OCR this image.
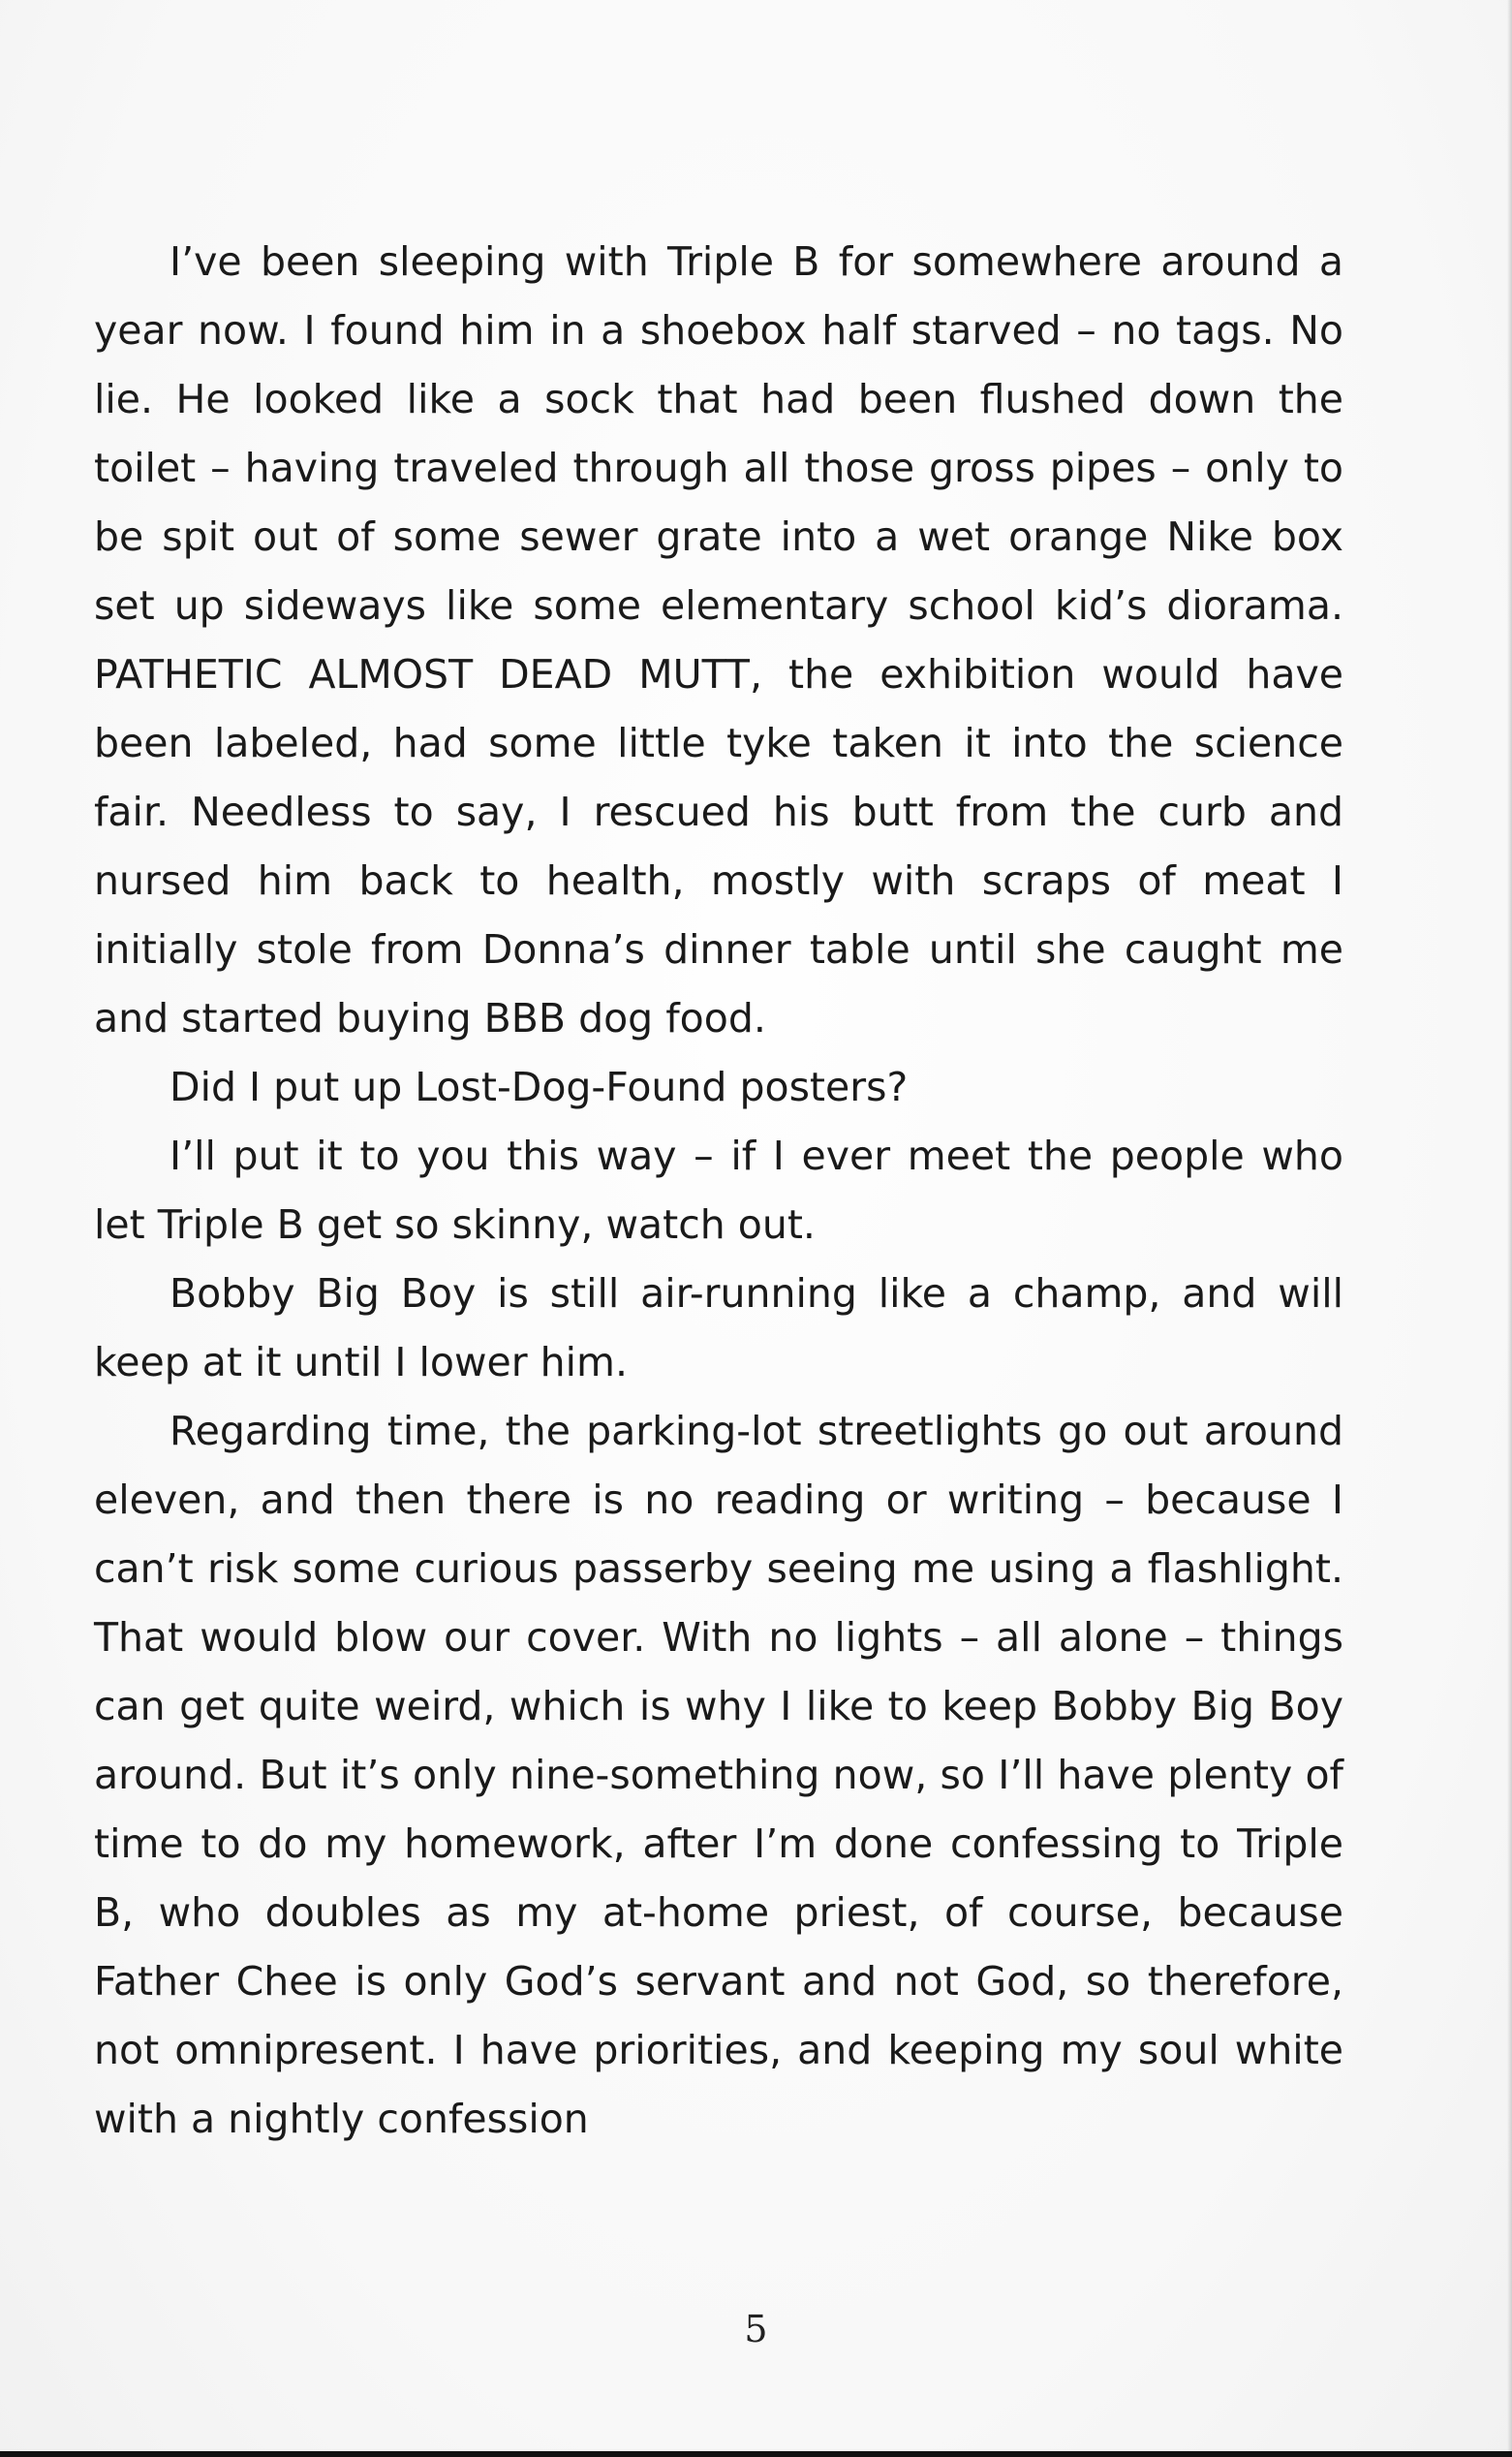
I’ve been sleeping with Triple B for somewhere around a year now. I found him in a shoebox half starved – no tags. No lie. He looked like a sock that had been flushed down the toilet – having traveled through all those gross pipes – only to be spit out of some sewer grate into a wet orange Nike box set up sideways like some elementary school kid’s diorama. PATHETIC ALMOST DEAD MUTT, the exhibition would have been labeled, had some little tyke taken it into the science fair. Needless to say, I rescued his butt from the curb and nursed him back to health, mostly with scraps of meat I initially stole from Donna’s dinner table until she caught me and started buying BBB dog food.

Did I put up Lost-Dog-Found posters?

I’ll put it to you this way – if I ever meet the people who let Triple B get so skinny, watch out.

Bobby Big Boy is still air-running like a champ, and will keep at it until I lower him.

Regarding time, the parking-lot streetlights go out around eleven, and then there is no reading or writing – because I can’t risk some curious passerby seeing me using a flashlight. That would blow our cover. With no lights – all alone – things can get quite weird, which is why I like to keep Bobby Big Boy around. But it’s only nine-something now, so I’ll have plenty of time to do my homework, after I’m done confessing to Triple B, who doubles as my at-home priest, of course, because Father Chee is only God’s servant and not God, so therefore, not omnipresent. I have priorities, and keeping my soul white with a nightly confession

5
